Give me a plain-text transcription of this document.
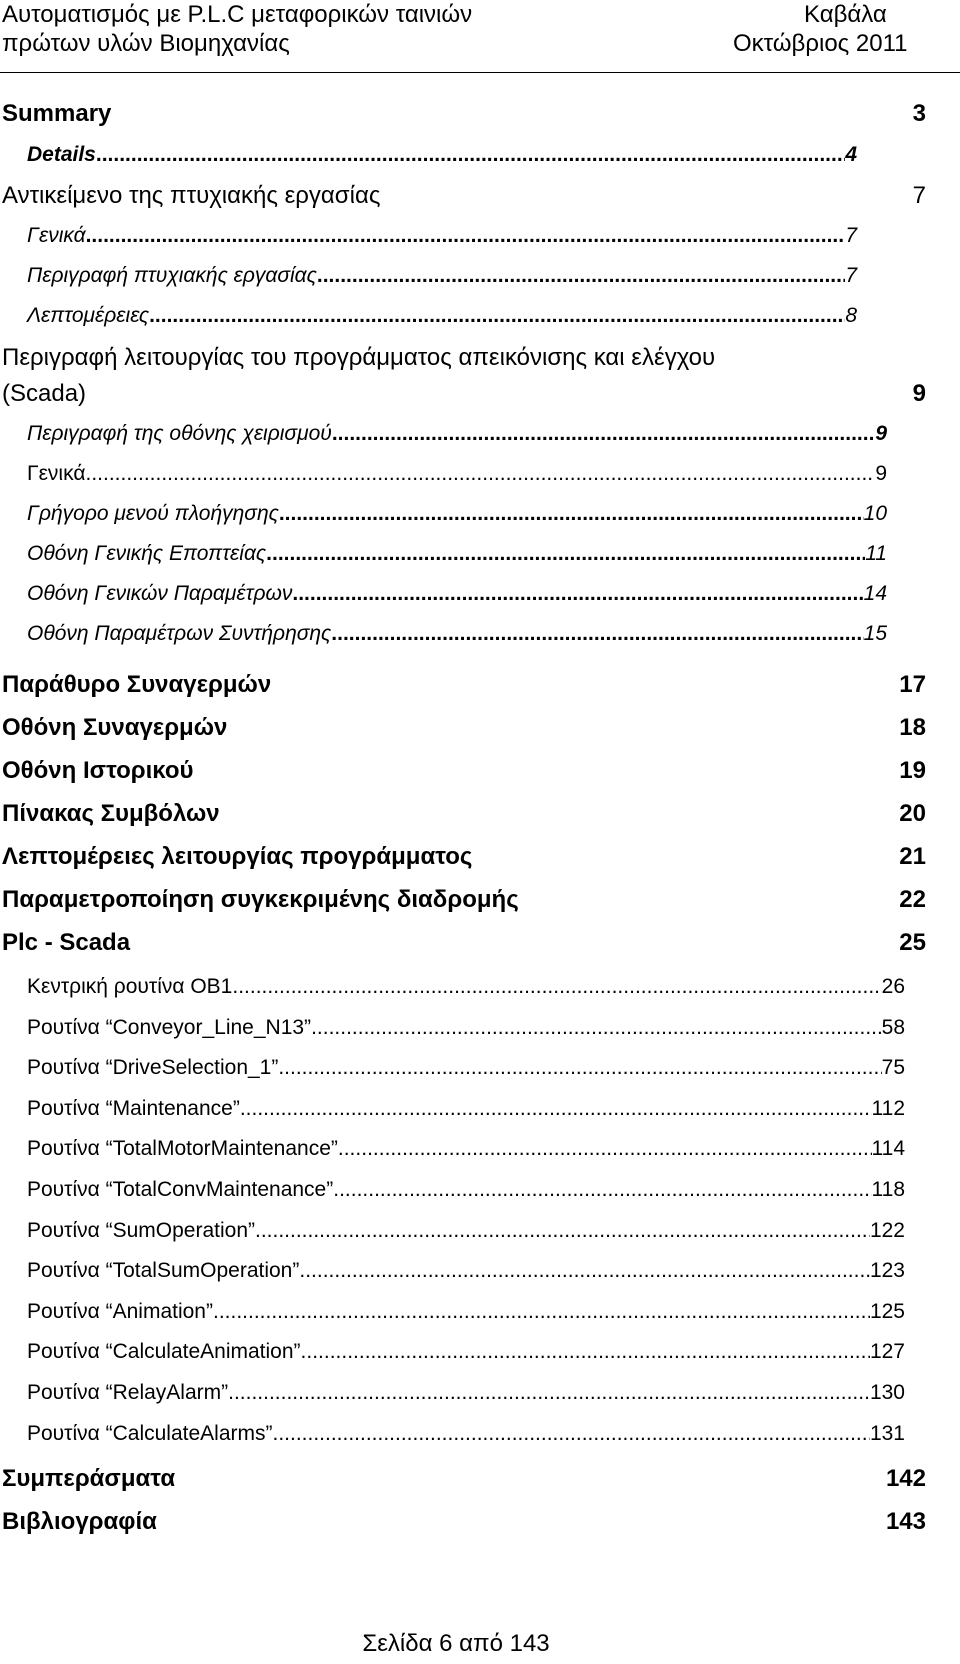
Αυτοματισμός με P.L.C μεταφορικών ταινιών
πρώτων υλών Βιομηχανίας
Καβάλα
Οκτώβριος 2011
Summary	3
Details .....	4
Αντικείμενο της πτυχιακής εργασίας	7
Γενικά .....	7
Περιγραφή πτυχιακής εργασίας .....	7
Λεπτομέρειες .....	8
Περιγραφή λειτουργίας του προγράμματος απεικόνισης και ελέγχου
(Scada)	9
Περιγραφή της οθόνης χειρισμού .....	9
Γενικά .....	9
Γρήγορο μενού πλοήγησης .....	10
Οθόνη Γενικής Εποπτείας .....	11
Οθόνη Γενικών Παραμέτρων .....	14
Οθόνη Παραμέτρων Συντήρησης .....	15
Παράθυρο Συναγερμών	17
Οθόνη Συναγερμών	18
Οθόνη Ιστορικού	19
Πίνακας Συμβόλων	20
Λεπτομέρειες λειτουργίας προγράμματος	21
Παραμετροποίηση συγκεκριμένης διαδρομής	22
Plc - Scada	25
Κεντρική ρουτίνα OB1 .....	26
Ρουτίνα “Conveyor_Line_N13” .....	58
Ρουτίνα “DriveSelection_1” .....	75
Ρουτίνα “Maintenance” .....	112
Ρουτίνα “TotalMotorMaintenance” .....	114
Ρουτίνα “TotalConvMaintenance” .....	118
Ρουτίνα “SumOperation” .....	122
Ρουτίνα “TotalSumOperation” .....	123
Ρουτίνα “Animation” .....	125
Ρουτίνα “CalculateAnimation” .....	127
Ρουτίνα “RelayAlarm” .....	130
Ρουτίνα “CalculateAlarms” .....	131
Συμπεράσματα	142
Βιβλιογραφία	143
Σελίδα 6 από 143
